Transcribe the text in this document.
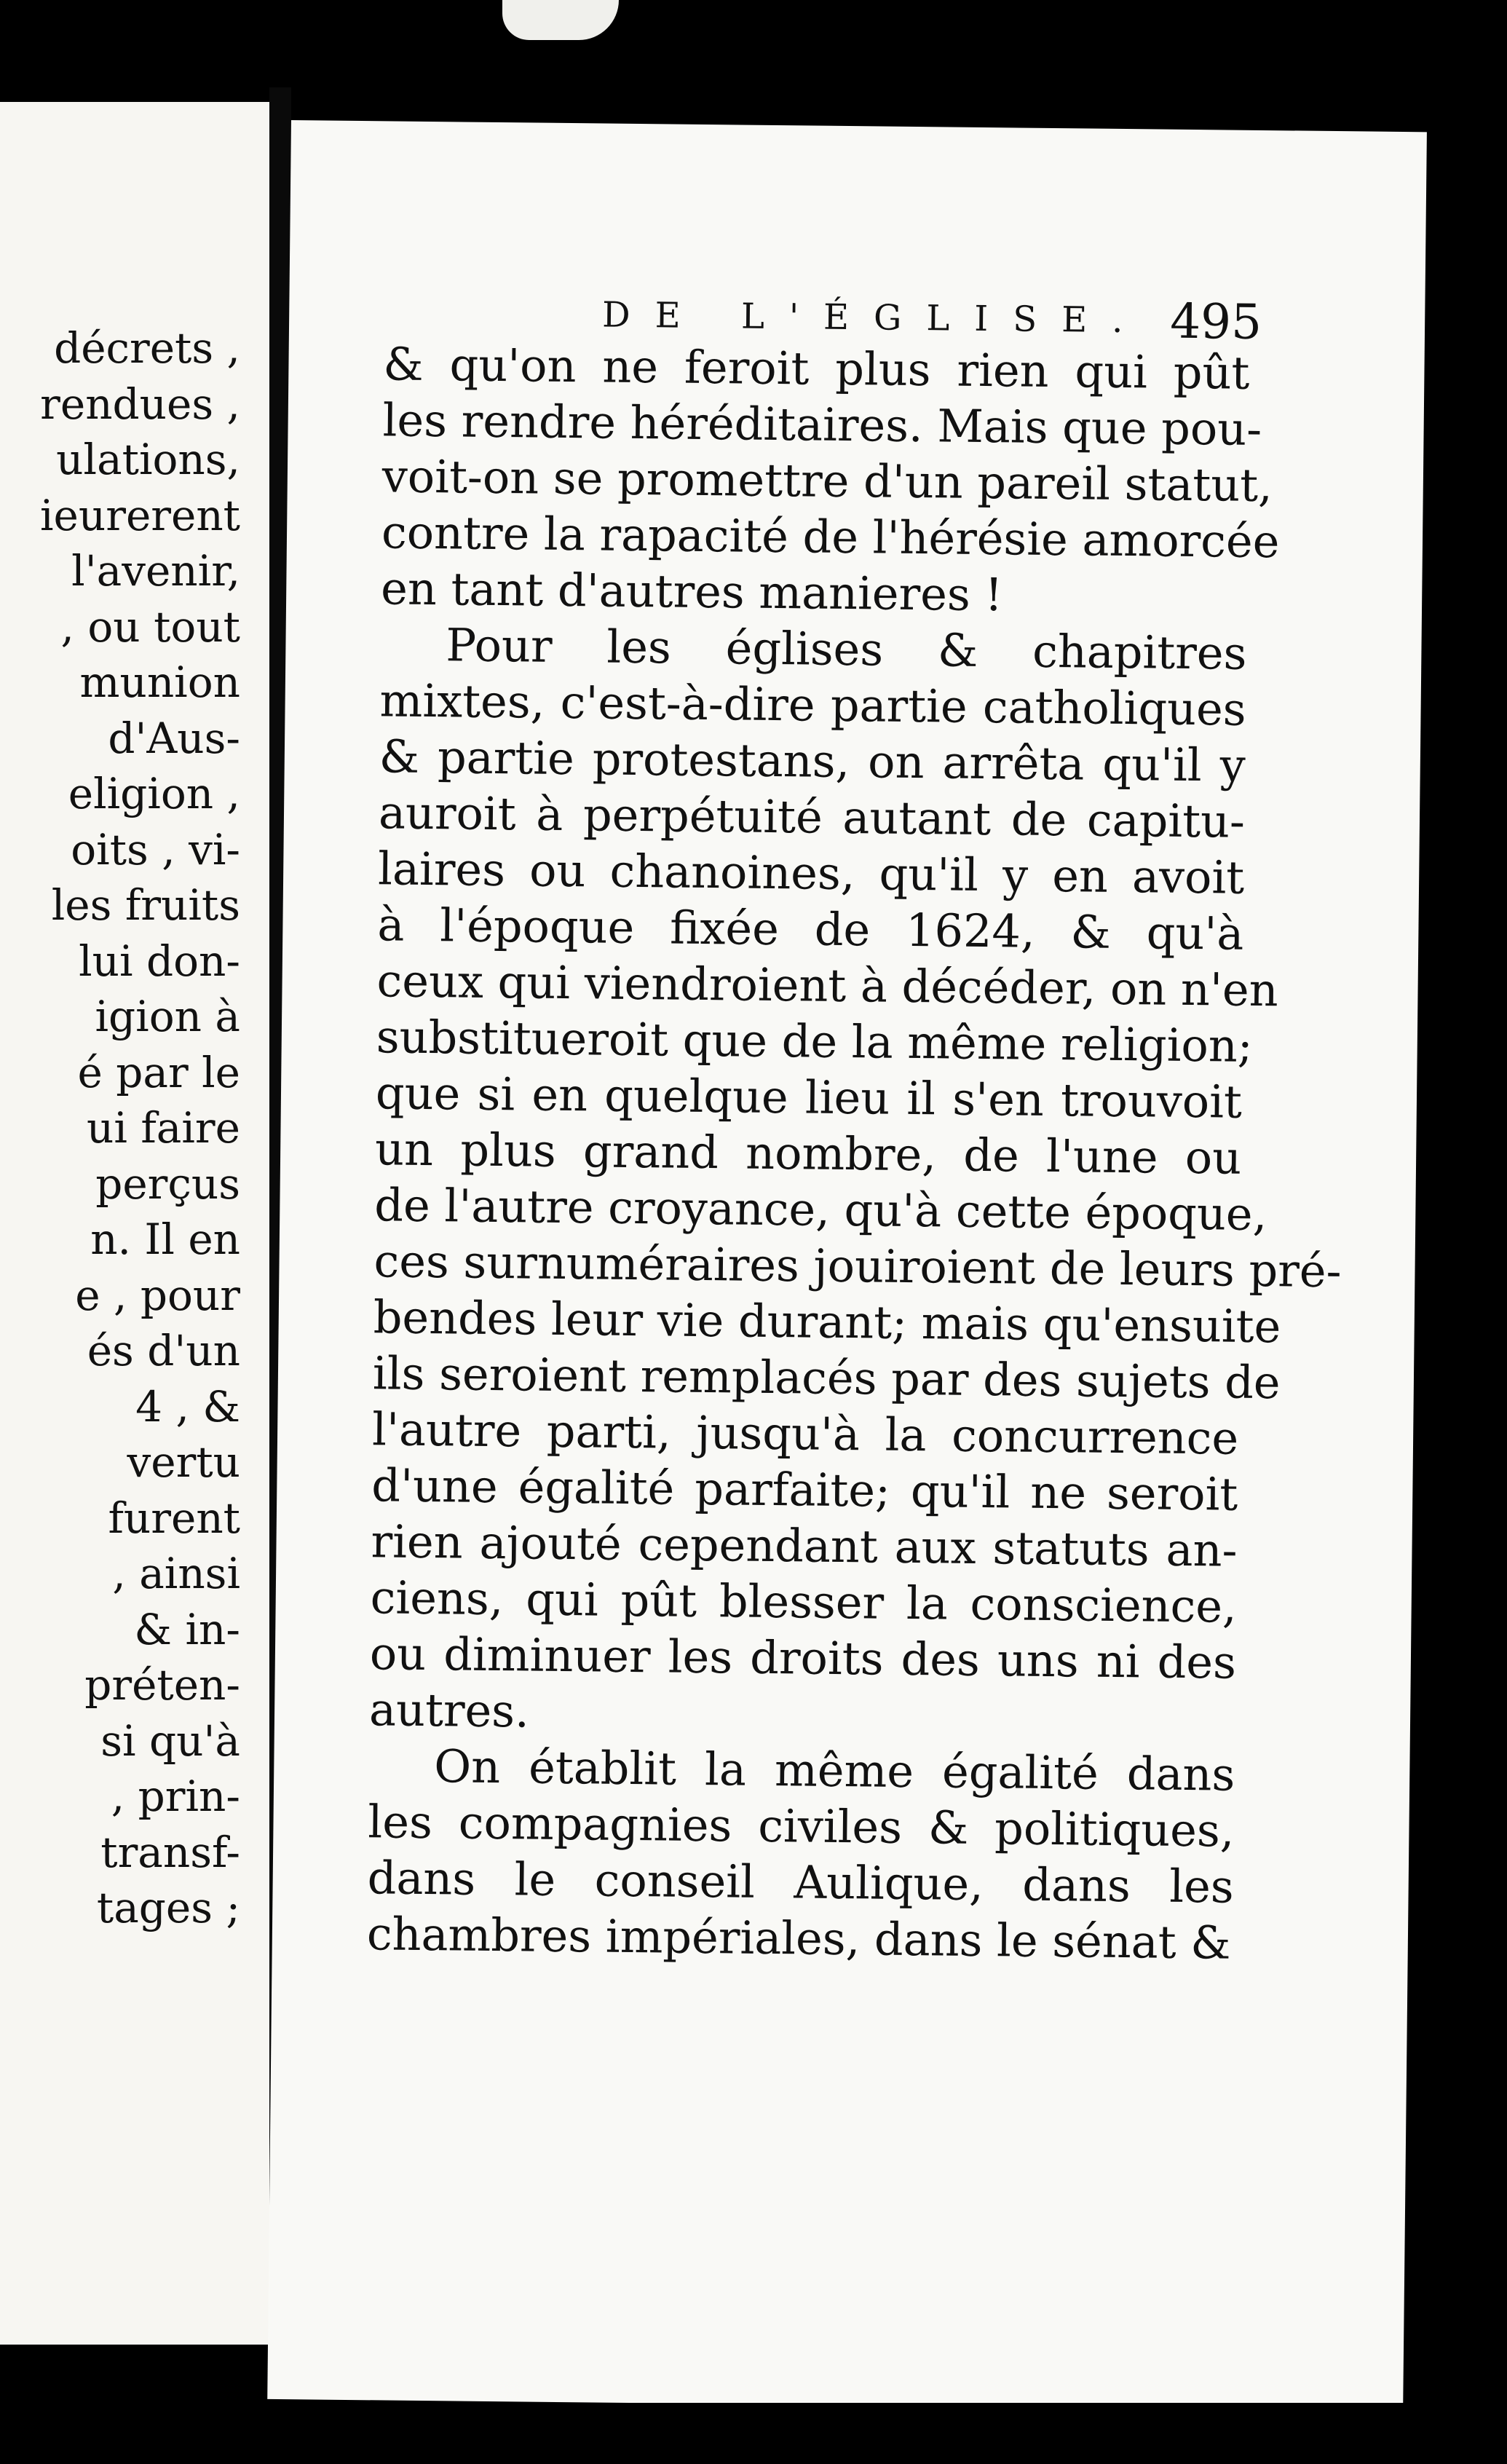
décrets ,
rendues ,
ulations,
ieurerent
l'avenir,
, ou tout
munion
d'Aus-
eligion ,
oits , vi-
les fruits
lui don-
igion à
é par le
ui faire
perçus
n. Il en
e , pour
és d'un
4 , &
vertu
furent
, ainsi
& in-
préten-
si qu'à
, prin-
transf-
tages ;
DE L'ÉGLISE. 495
& qu'on ne feroit plus rien qui pût
les rendre héréditaires. Mais que pou-
voit-on se promettre d'un pareil statut,
contre la rapacité de l'hérésie amorcée
en tant d'autres manieres !
Pour les églises & chapitres
mixtes, c'est-à-dire partie catholiques
& partie protestans, on arrêta qu'il y
auroit à perpétuité autant de capitu-
laires ou chanoines, qu'il y en avoit
à l'époque fixée de 1624, & qu'à
ceux qui viendroient à décéder, on n'en
substitueroit que de la même religion;
que si en quelque lieu il s'en trouvoit
un plus grand nombre, de l'une ou
de l'autre croyance, qu'à cette époque,
ces surnuméraires jouiroient de leurs pré-
bendes leur vie durant; mais qu'ensuite
ils seroient remplacés par des sujets de
l'autre parti, jusqu'à la concurrence
d'une égalité parfaite; qu'il ne seroit
rien ajouté cependant aux statuts an-
ciens, qui pût blesser la conscience,
ou diminuer les droits des uns ni des
autres.
On établit la même égalité dans
les compagnies civiles & politiques,
dans le conseil Aulique, dans les
chambres impériales, dans le sénat &
